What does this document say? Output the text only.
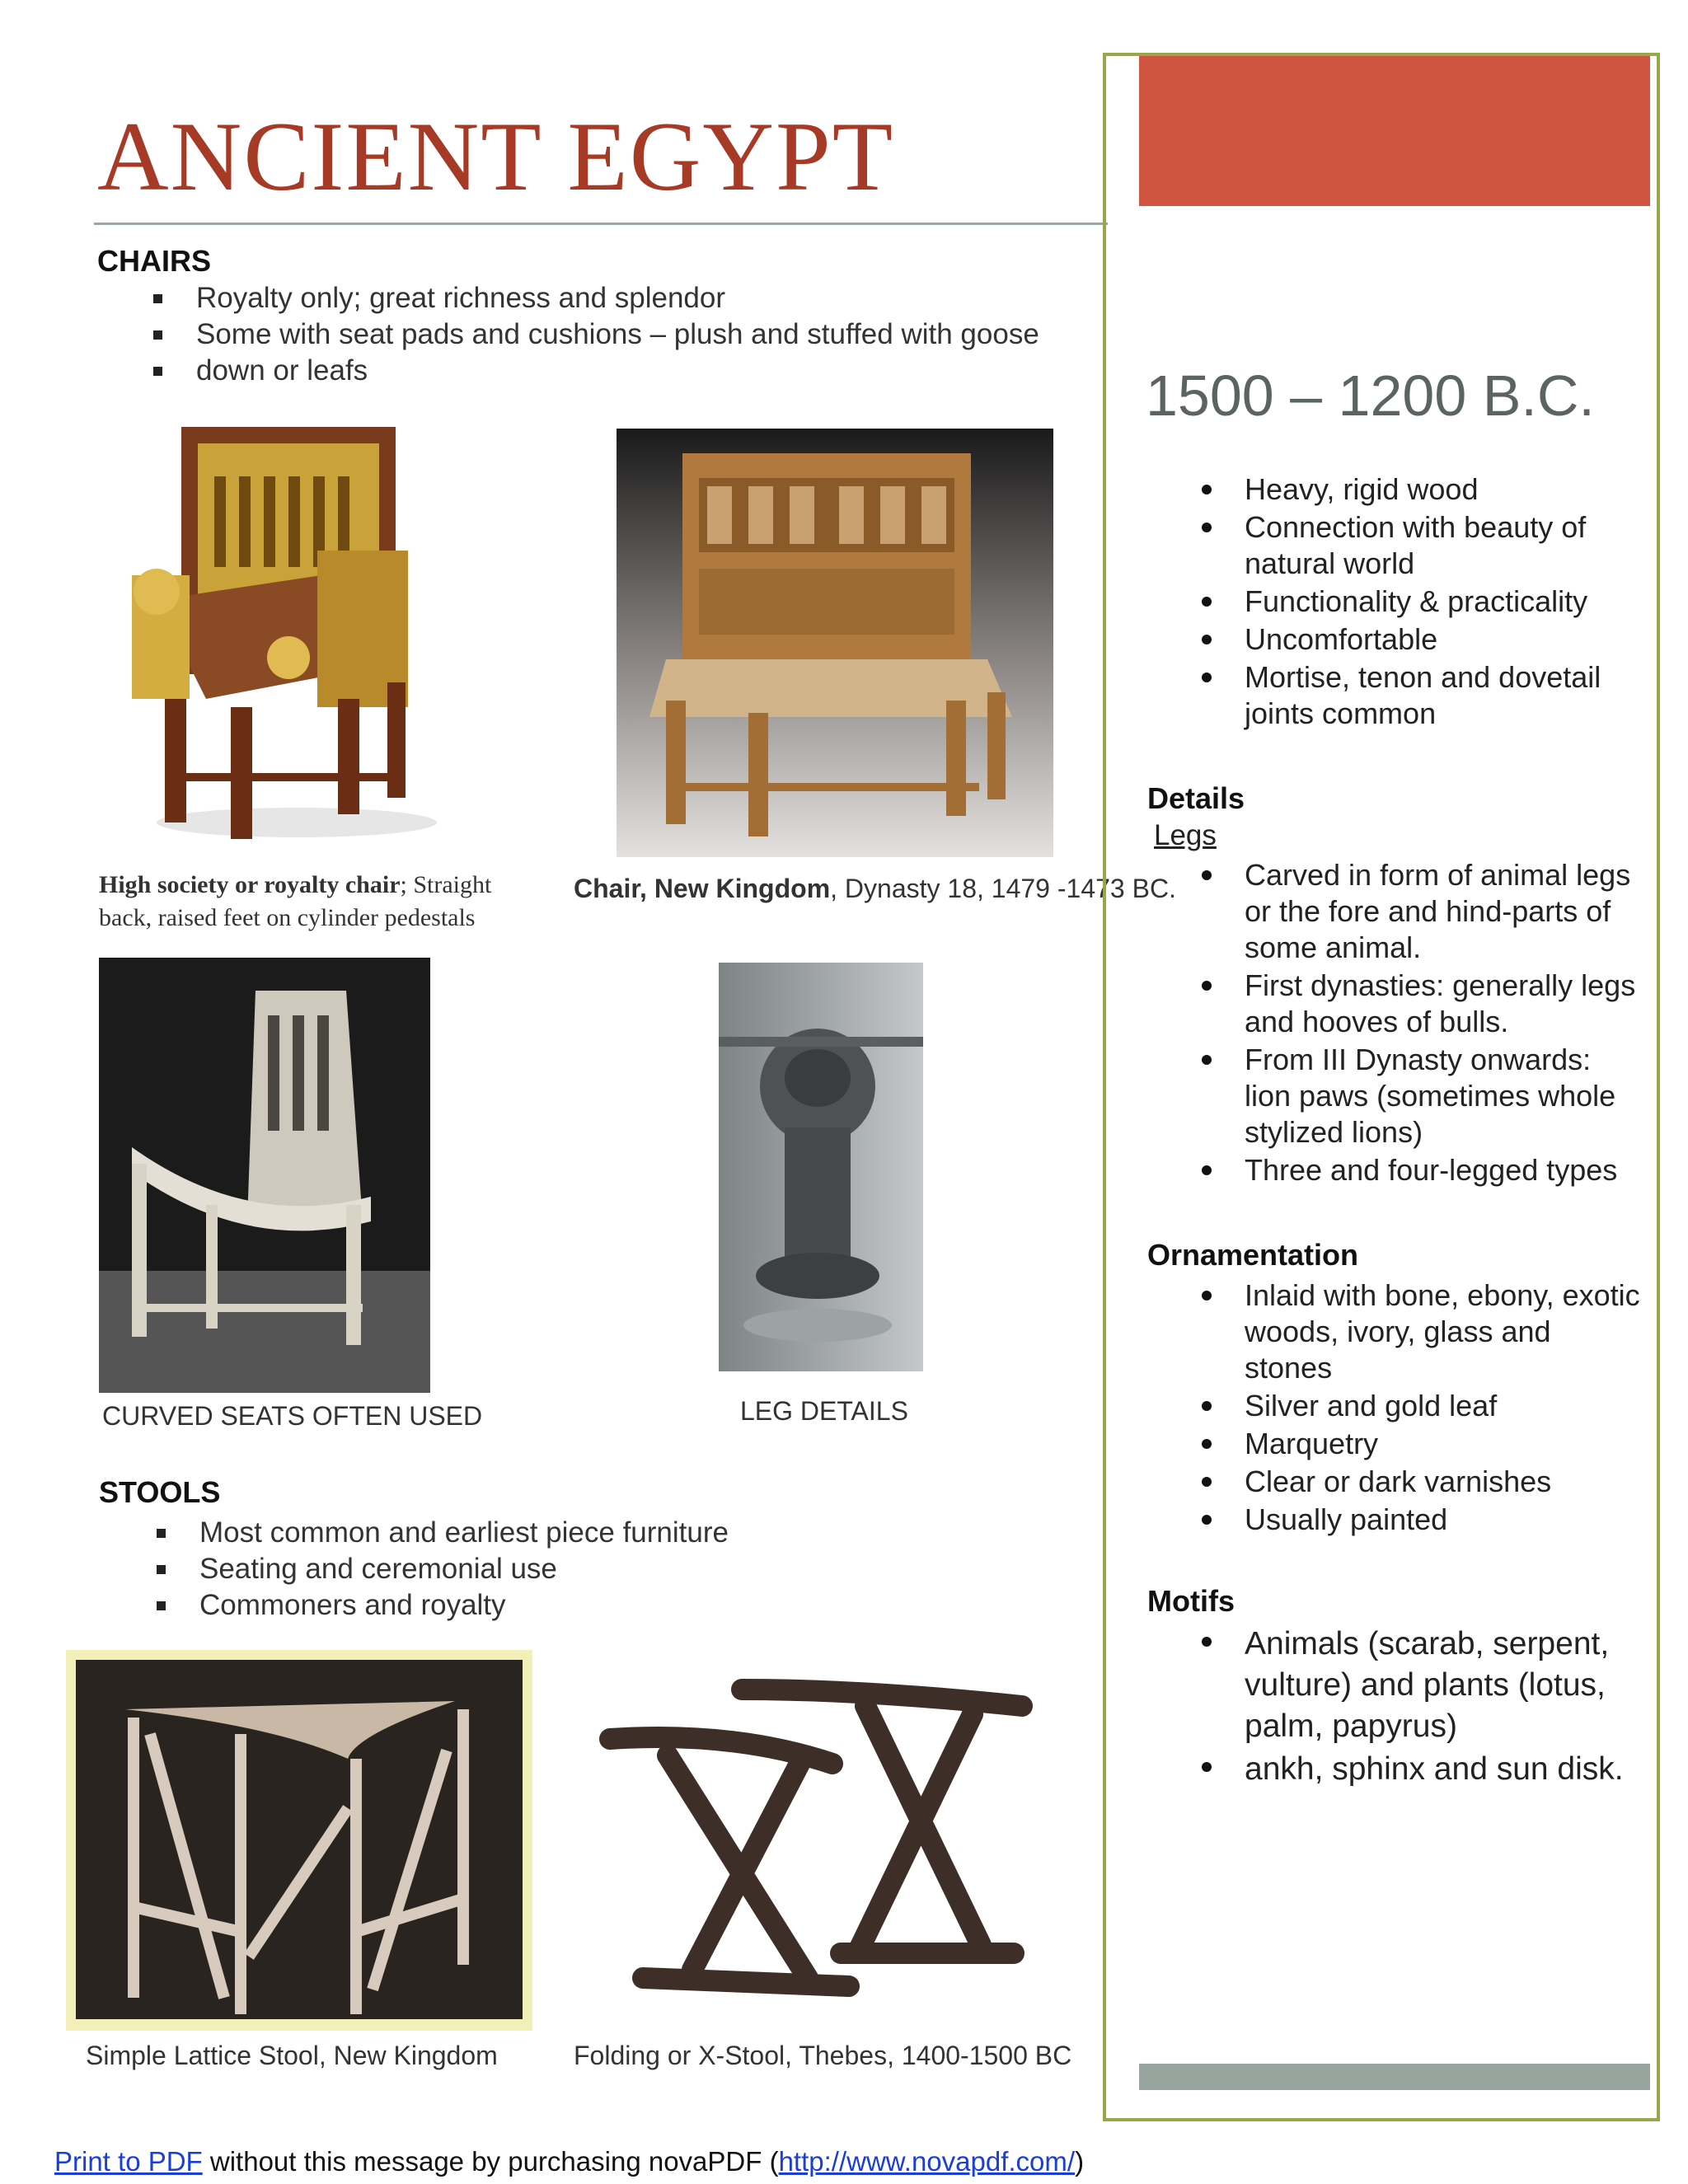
ANCIENT EGYPT
CHAIRS
Royalty only; great richness and splendor
Some with seat pads and cushions – plush and stuffed with goose
down or leafs
High society or royalty chair; Straight back, raised feet on cylinder pedestals
Chair, New Kingdom, Dynasty 18, 1479 -1473 BC.
CURVED SEATS OFTEN USED	LEG DETAILS
STOOLS
Most common and earliest piece furniture
Seating and ceremonial use
Commoners and royalty
Simple Lattice Stool, New Kingdom	Folding or X-Stool, Thebes, 1400-1500 BC
1500 – 1200 B.C.
Heavy, rigid wood
Connection with beauty of natural world
Functionality & practicality
Uncomfortable
Mortise, tenon and dovetail joints common
Details
Legs
Carved in form of animal legs or the fore and hind-parts of some animal.
First dynasties: generally legs and hooves of bulls.
From III Dynasty onwards: lion paws (sometimes whole stylized lions)
Three and four-legged types
Ornamentation
Inlaid with bone, ebony, exotic woods, ivory, glass and stones
Silver and gold leaf
Marquetry
Clear or dark varnishes
Usually painted
Motifs
Animals (scarab, serpent, vulture) and plants (lotus, palm, papyrus)
ankh, sphinx and sun disk.
Print to PDF without this message by purchasing novaPDF (http://www.novapdf.com/)
